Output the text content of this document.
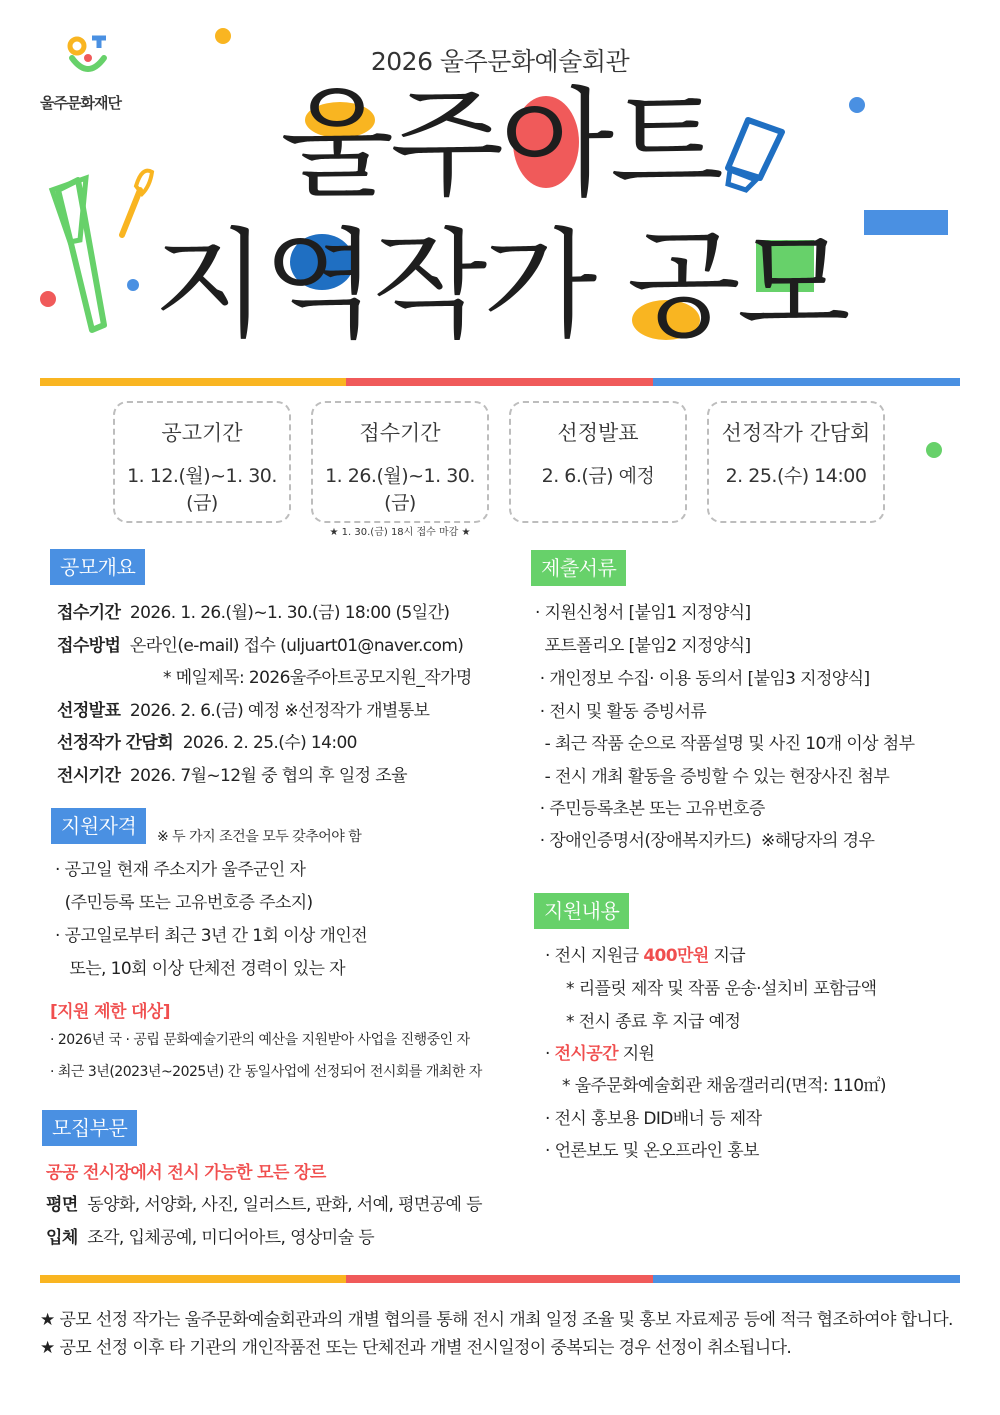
울주문화재단
2026 울주문화예술회관
울주아트
지역작가 공모
공고기간
1. 12.(월)~1. 30.(금)
접수기간
1. 26.(월)~1. 30.(금)
★ 1. 30.(금) 18시 접수 마감 ★
선정발표
2. 6.(금) 예정
선정작가 간담회
2. 25.(수) 14:00
공모개요
접수기간 2026. 1. 26.(월)~1. 30.(금) 18:00 (5일간)
접수방법 온라인(e-mail) 접수 (uljuart01@naver.com)
* 메일제목: 2026울주아트공모지원_작가명
선정발표 2026. 2. 6.(금) 예정 ※선정작가 개별통보
선정작가 간담회 2026. 2. 25.(수) 14:00
전시기간 2026. 7월~12월 중 협의 후 일정 조율
지원자격	※ 두 가지 조건을 모두 갖추어야 함
· 공고일 현재 주소지가 울주군인 자
(주민등록 또는 고유번호증 주소지)
· 공고일로부터 최근 3년 간 1회 이상 개인전
또는, 10회 이상 단체전 경력이 있는 자
[지원 제한 대상]
· 2026년 국 · 공립 문화예술기관의 예산을 지원받아 사업을 진행중인 자
· 최근 3년(2023년~2025년) 간 동일사업에 선정되어 전시회를 개최한 자
모집부문
공공 전시장에서 전시 가능한 모든 장르
평면 동양화, 서양화, 사진, 일러스트, 판화, 서예, 평면공예 등
입체 조각, 입체공예, 미디어아트, 영상미술 등
제출서류
· 지원신청서 [붙임1 지정양식]
포트폴리오 [붙임2 지정양식]
· 개인정보 수집· 이용 동의서 [붙임3 지정양식]
· 전시 및 활동 증빙서류
- 최근 작품 순으로 작품설명 및 사진 10개 이상 첨부
- 전시 개최 활동을 증빙할 수 있는 현장사진 첨부
· 주민등록초본 또는 고유번호증
· 장애인증명서(장애복지카드)  ※해당자의 경우
지원내용
· 전시 지원금 400만원 지급
* 리플릿 제작 및 작품 운송·설치비 포함금액
* 전시 종료 후 지급 예정
· 전시공간 지원
* 울주문화예술회관 채움갤러리(면적: 110㎡)
· 전시 홍보용 DID배너 등 제작
· 언론보도 및 온오프라인 홍보
★ 공모 선정 작가는 울주문화예술회관과의 개별 협의를 통해 전시 개최 일정 조율 및 홍보 자료제공 등에 적극 협조하여야 합니다.
★ 공모 선정 이후 타 기관의 개인작품전 또는 단체전과 개별 전시일정이 중복되는 경우 선정이 취소됩니다.
